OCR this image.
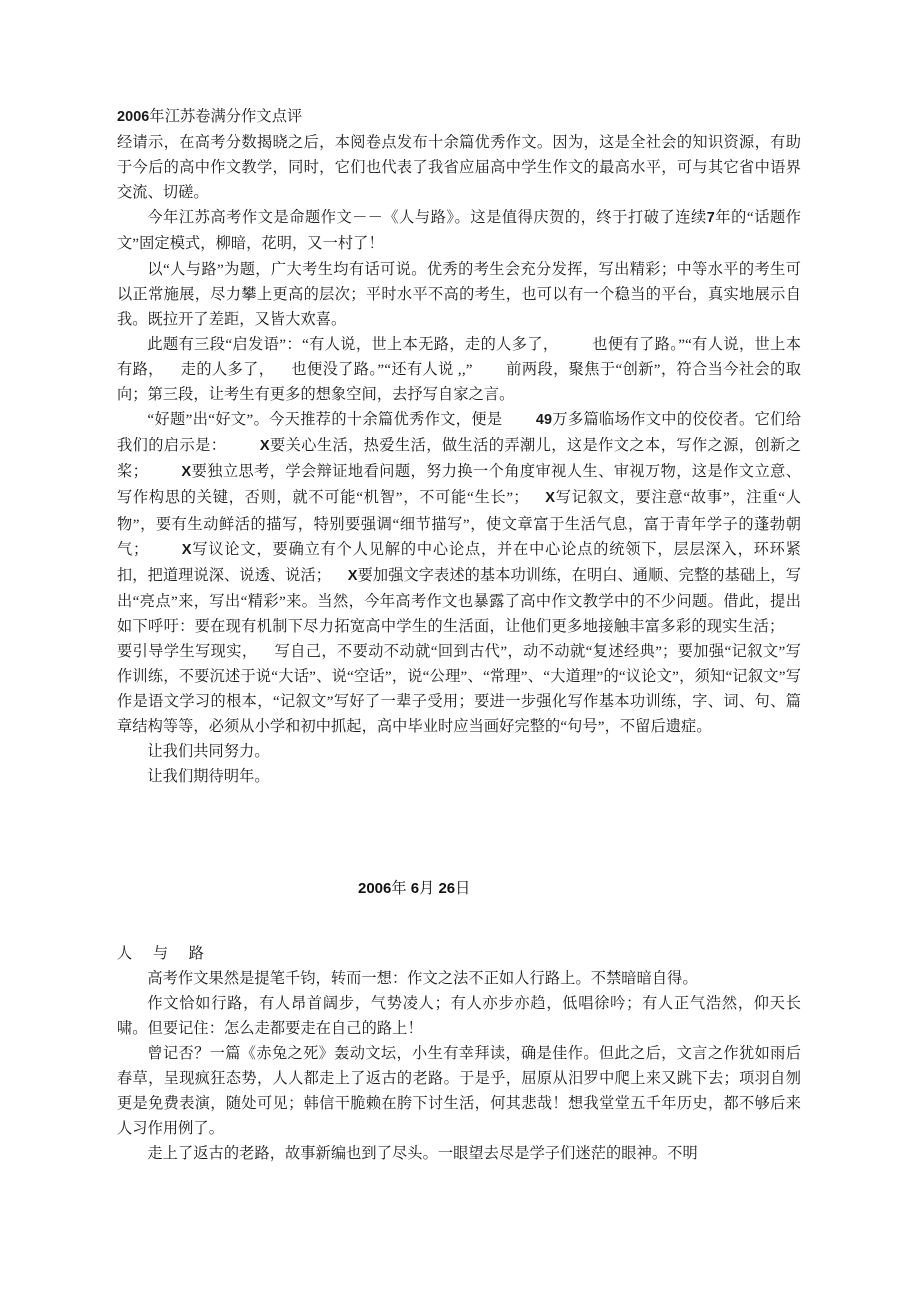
2006年江苏卷满分作文点评

经请示，在高考分数揭晓之后，本阅卷点发布十余篇优秀作文。因为，这是全社会的知识资源，有助于今后的高中作文教学，同时，它们也代表了我省应届高中学生作文的最高水平，可与其它省中语界交流、切磋。

今年江苏高考作文是命题作文－－《人与路》。这是值得庆贺的，终于打破了连续7年的“话题作文”固定模式，柳暗，花明，又一村了！

以“人与路”为题，广大考生均有话可说。优秀的考生会充分发挥，写出精彩；中等水平的考生可以正常施展，尽力攀上更高的层次；平时水平不高的考生，也可以有一个稳当的平台，真实地展示自我。既拉开了差距，又皆大欢喜。

此题有三段“启发语”：“有人说，世上本无路，走的人多了， 也便有了路。”“有人说，世上本有路， 走的人多了， 也便没了路。”“还有人说 ,,” 前两段，聚焦于“创新”，符合当今社会的取向；第三段，让考生有更多的想象空间，去抒写自家之言。

“好题”出“好文”。今天推荐的十余篇优秀作文，便是 49万多篇临场作文中的佼佼者。它们给我们的启示是： X要关心生活，热爱生活，做生活的弄潮儿，这是作文之本，写作之源，创新之桨； X要独立思考，学会辩证地看问题，努力换一个角度审视人生、审视万物，这是作文立意、写作构思的关键，否则，就不可能“机智”，不可能“生长”； X写记叙文，要注意“故事”，注重“人物”，要有生动鲜活的描写，特别要强调“细节描写”，使文章富于生活气息，富于青年学子的蓬勃朝气； X写议论文，要确立有个人见解的中心论点，并在中心论点的统领下，层层深入，环环紧扣，把道理说深、说透、说活； X要加强文字表述的基本功训练，在明白、通顺、完整的基础上，写出“亮点”来，写出“精彩”来。当然，今年高考作文也暴露了高中作文教学中的不少问题。借此，提出如下呼吁：要在现有机制下尽力拓宽高中学生的生活面，让他们更多地接触丰富多彩的现实生活；要引导学生写现实， 写自己，不要动不动就“回到古代”，动不动就“复述经典”；要加强“记叙文”写作训练，不要沉述于说“大话”、说“空话”，说“公理”、“常理”、“大道理”的“议论文”，须知“记叙文”写作是语文学习的根本，“记叙文”写好了一辈子受用；要进一步强化写作基本功训练，字、词、句、篇章结构等等，必须从小学和初中抓起，高中毕业时应当画好完整的“句号”，不留后遗症。

让我们共同努力。

让我们期待明年。

2006年 6月 26日

人 与 路

高考作文果然是提笔千钧，转而一想：作文之法不正如人行路上。不禁暗暗自得。

作文恰如行路，有人昂首阔步，气势凌人；有人亦步亦趋，低唱徐吟；有人正气浩然，仰天长啸。但要记住：怎么走都要走在自己的路上！

曾记否？一篇《赤兔之死》轰动文坛，小生有幸拜读，确是佳作。但此之后，文言之作犹如雨后春草，呈现疯狂态势，人人都走上了返古的老路。于是乎，屈原从汨罗中爬上来又跳下去；项羽自刎更是免费表演，随处可见；韩信干脆赖在胯下讨生活，何其悲哉！想我堂堂五千年历史，都不够后来人习作用例了。

走上了返古的老路，故事新编也到了尽头。一眼望去尽是学子们迷茫的眼神。不明
